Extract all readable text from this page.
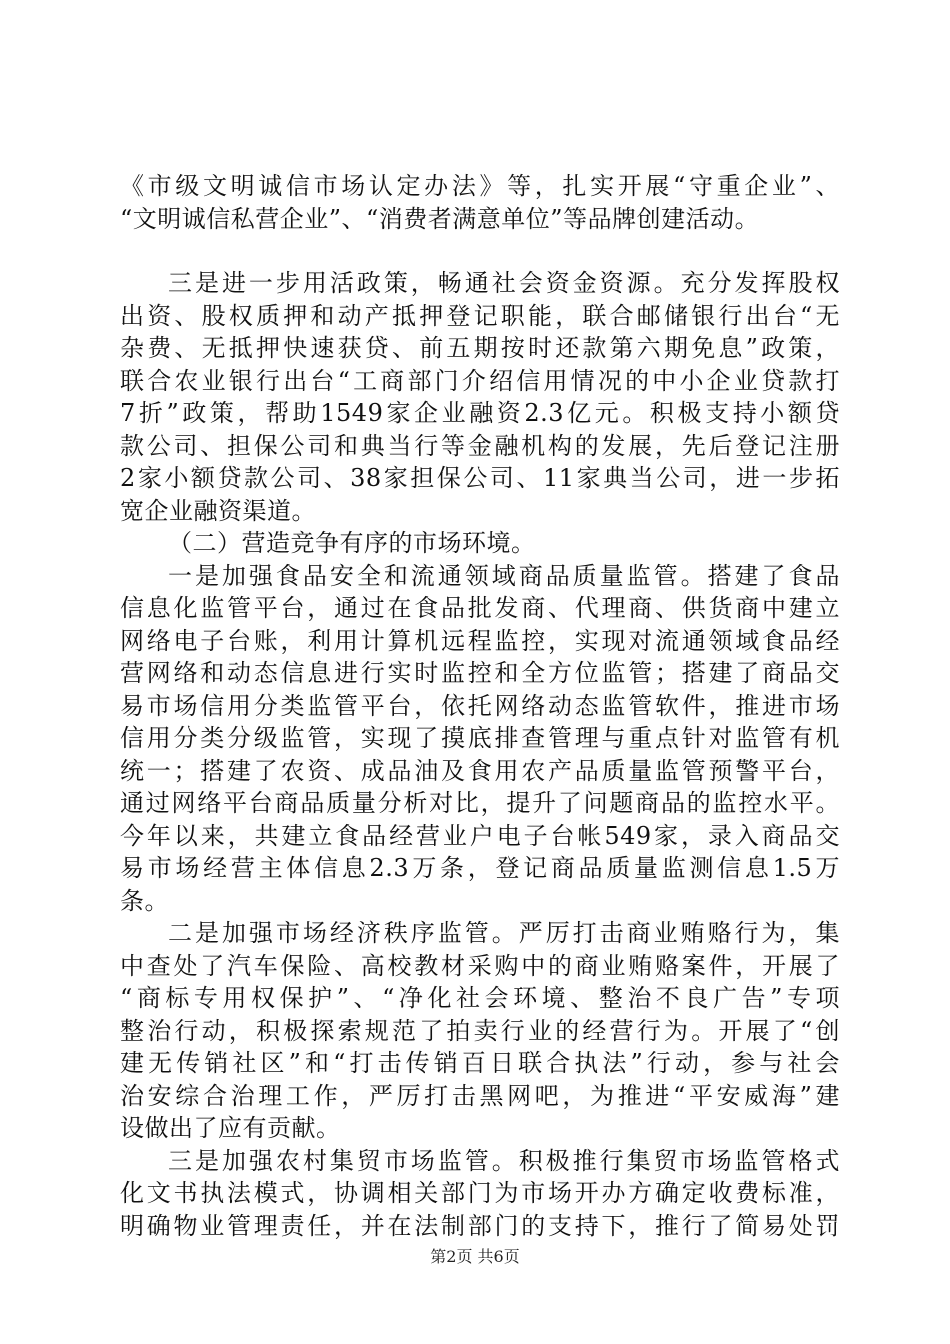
《市级文明诚信市场认定办法》等，扎实开展“守重企业”、
“文明诚信私营企业”、“消费者满意单位”等品牌创建活动。
三是进一步用活政策，畅通社会资金资源。充分发挥股权
出资、股权质押和动产抵押登记职能，联合邮储银行出台“无
杂费、无抵押快速获贷、前五期按时还款第六期免息”政策，
联合农业银行出台“工商部门介绍信用情况的中小企业贷款打
7折”政策，帮助1549家企业融资2.3亿元。积极支持小额贷
款公司、担保公司和典当行等金融机构的发展，先后登记注册
2家小额贷款公司、38家担保公司、11家典当公司，进一步拓
宽企业融资渠道。
（二）营造竞争有序的市场环境。
一是加强食品安全和流通领域商品质量监管。搭建了食品
信息化监管平台，通过在食品批发商、代理商、供货商中建立
网络电子台账，利用计算机远程监控，实现对流通领域食品经
营网络和动态信息进行实时监控和全方位监管；搭建了商品交
易市场信用分类监管平台，依托网络动态监管软件，推进市场
信用分类分级监管，实现了摸底排查管理与重点针对监管有机
统一；搭建了农资、成品油及食用农产品质量监管预警平台，
通过网络平台商品质量分析对比，提升了问题商品的监控水平。
今年以来，共建立食品经营业户电子台帐549家，录入商品交
易市场经营主体信息2.3万条，登记商品质量监测信息1.5万
条。
二是加强市场经济秩序监管。严厉打击商业贿赂行为，集
中查处了汽车保险、高校教材采购中的商业贿赂案件，开展了
“商标专用权保护”、“净化社会环境、整治不良广告”专项
整治行动，积极探索规范了拍卖行业的经营行为。开展了“创
建无传销社区”和“打击传销百日联合执法”行动，参与社会
治安综合治理工作，严厉打击黑网吧，为推进“平安威海”建
设做出了应有贡献。
三是加强农村集贸市场监管。积极推行集贸市场监管格式
化文书执法模式，协调相关部门为市场开办方确定收费标准，
明确物业管理责任，并在法制部门的支持下，推行了简易处罚
第2页 共6页
